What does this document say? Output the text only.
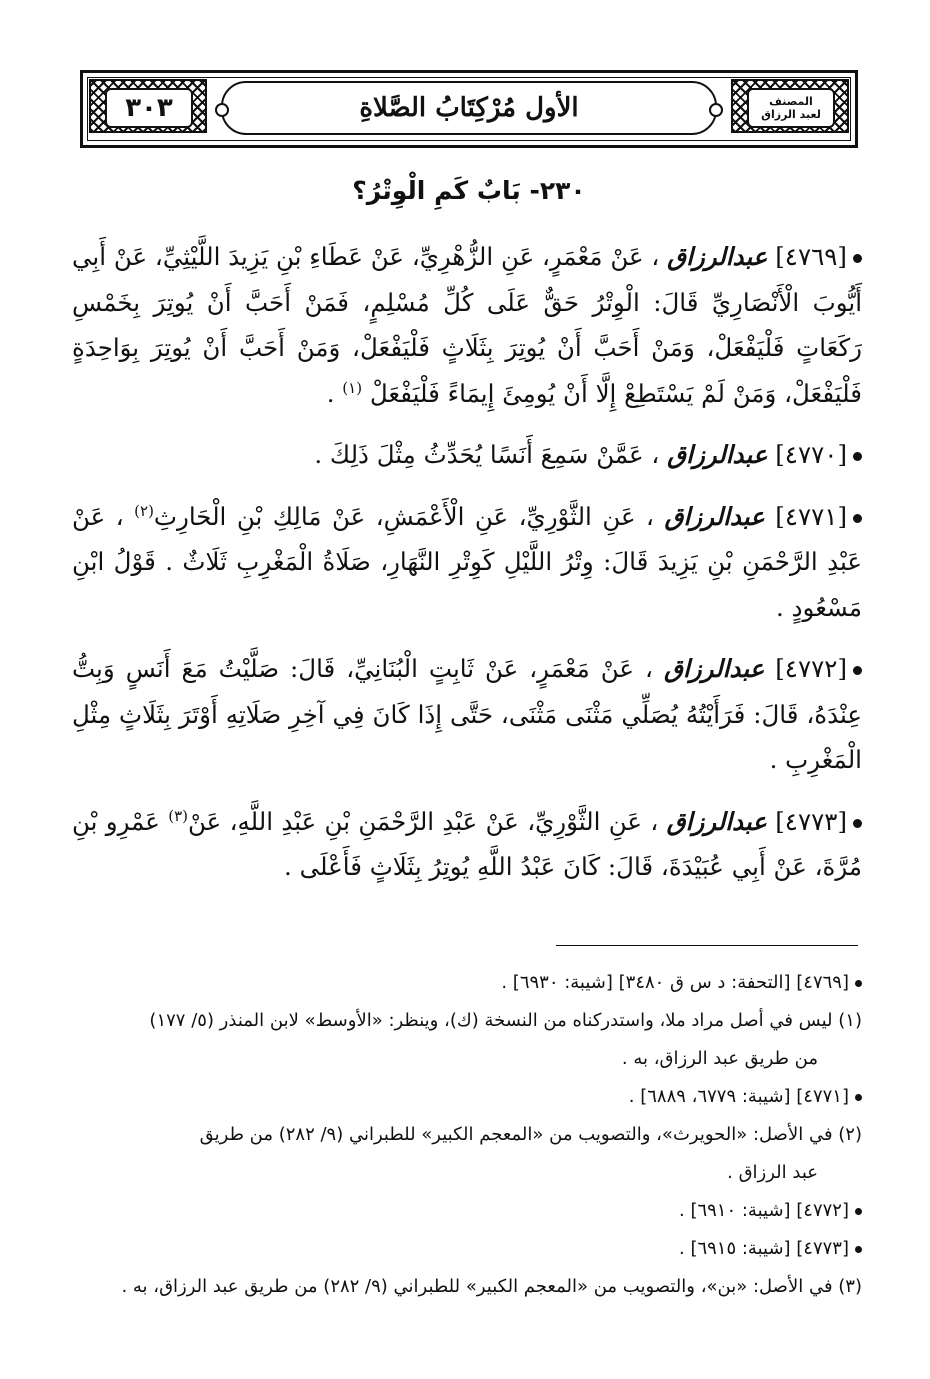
٣٠٣	الأول مُرْكِتَابُ الصَّلاةِ	المصنف
لعبد الرزاق
٢٣٠- بَابٌ كَمِ الْوِتْرُ؟

[٤٧٦٩] عبدالرزاق ، عَنْ مَعْمَرٍ، عَنِ الزُّهْرِيِّ، عَنْ عَطَاءِ بْنِ يَزِيدَ اللَّيْثِيِّ، عَنْ أَبِي أَيُّوبَ الْأَنْصَارِيِّ قَالَ: الْوِتْرُ حَقٌّ عَلَى كُلِّ مُسْلِمٍ، فَمَنْ أَحَبَّ أَنْ يُوتِرَ بِخَمْسِ رَكَعَاتٍ فَلْيَفْعَلْ، وَمَنْ أَحَبَّ أَنْ يُوتِرَ بِثَلَاثٍ فَلْيَفْعَلْ، وَمَنْ أَحَبَّ أَنْ يُوتِرَ بِوَاحِدَةٍ فَلْيَفْعَلْ، وَمَنْ لَمْ يَسْتَطِعْ إِلَّا أَنْ يُومِئَ إِيمَاءً فَلْيَفْعَلْ $^{(١)}$ .

[٤٧٧٠] عبدالرزاق ، عَمَّنْ سَمِعَ أَنَسًا يُحَدِّثُ مِثْلَ ذَلِكَ .

[٤٧٧١] عبدالرزاق ، عَنِ الثَّوْرِيِّ، عَنِ الْأَعْمَشِ، عَنْ مَالِكِ بْنِ الْحَارِثِ$^{(٢)}$ ، عَنْ عَبْدِ الرَّحْمَنِ بْنِ يَزِيدَ قَالَ: وِتْرُ اللَّيْلِ كَوِتْرِ النَّهَارِ، صَلَاةُ الْمَغْرِبِ ثَلَاثٌ . قَوْلُ ابْنِ مَسْعُودٍ .

[٤٧٧٢] عبدالرزاق ، عَنْ مَعْمَرٍ، عَنْ ثَابِتٍ الْبُنَانِيِّ، قَالَ: صَلَّيْتُ مَعَ أَنَسٍ وَبِتُّ عِنْدَهُ، قَالَ: فَرَأَيْتُهُ يُصَلِّي مَثْنَى مَثْنَى، حَتَّى إِذَا كَانَ فِي آخِرِ صَلَاتِهِ أَوْتَرَ بِثَلَاثٍ مِثْلِ الْمَغْرِبِ .

[٤٧٧٣] عبدالرزاق ، عَنِ الثَّوْرِيِّ، عَنْ عَبْدِ الرَّحْمَنِ بْنِ عَبْدِ اللَّهِ، عَنْ$^{(٣)}$ عَمْرِو بْنِ مُرَّةَ، عَنْ أَبِي عُبَيْدَةَ، قَالَ: كَانَ عَبْدُ اللَّهِ يُوتِرُ بِثَلَاثٍ فَأَعْلَى .

[٤٧٦٩] [التحفة: د س ق ٣٤٨٠] [شيبة: ٦٩٣٠] .

(١) ليس في أصل مراد ملا، واستدركناه من النسخة (ك)، وينظر: «الأوسط» لابن المنذر (٥/ ١٧٧)

من طريق عبد الرزاق، به .

[٤٧٧١] [شيبة: ٦٧٧٩، ٦٨٨٩] .

(٢) في الأصل: «الحويرث»، والتصويب من «المعجم الكبير» للطبراني (٩/ ٢٨٢) من طريق

عبد الرزاق .

[٤٧٧٢] [شيبة: ٦٩١٠] .

[٤٧٧٣] [شيبة: ٦٩١٥] .

(٣) في الأصل: «بن»، والتصويب من «المعجم الكبير» للطبراني (٩/ ٢٨٢) من طريق عبد الرزاق، به .
